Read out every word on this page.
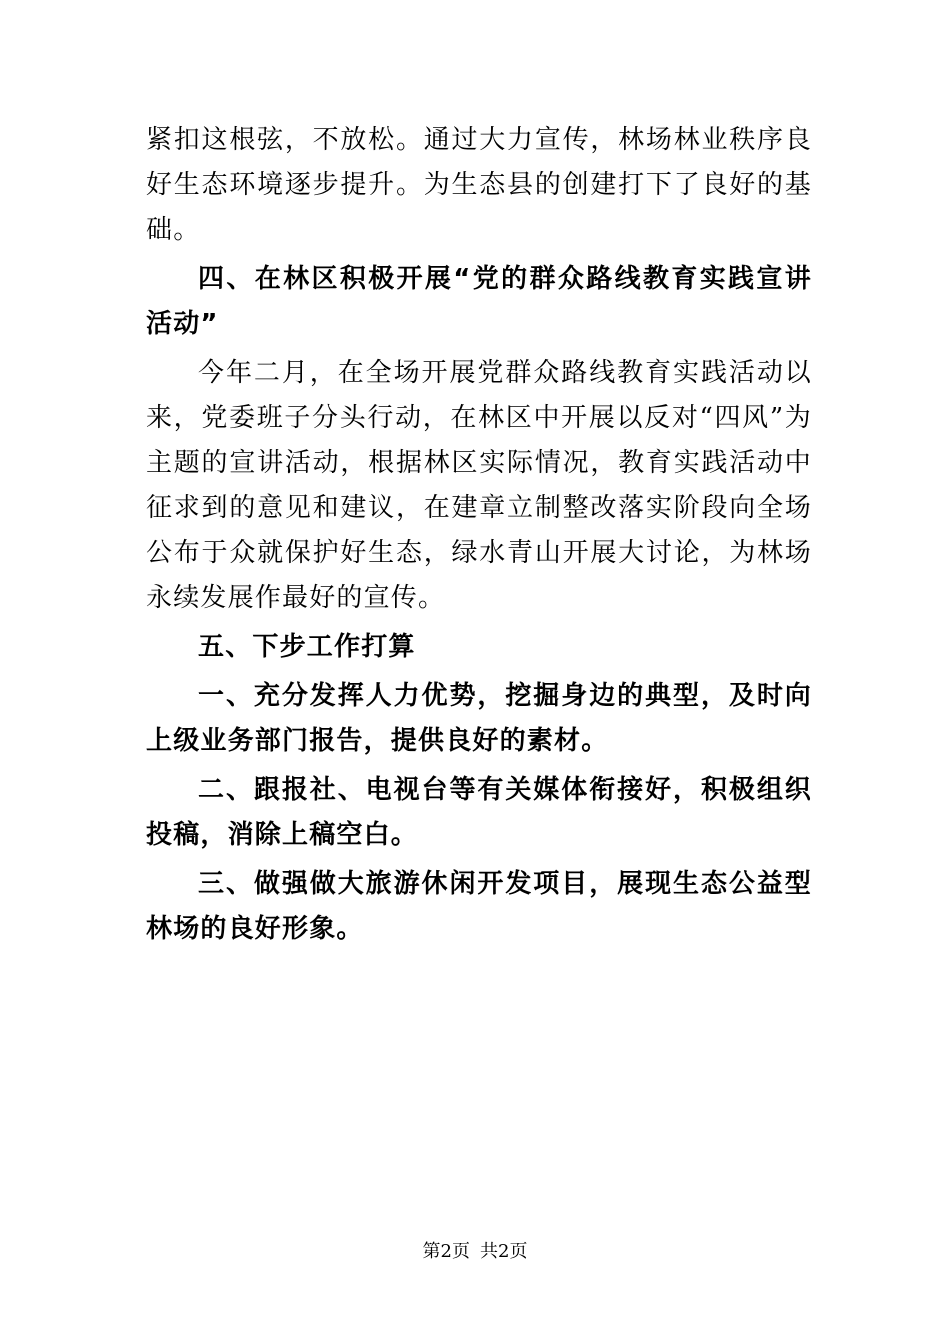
紧扣这根弦，不放松。通过大力宣传，林场林业秩序良好生态环境逐步提升。为生态县的创建打下了良好的基础。

四、在林区积极开展“党的群众路线教育实践宣讲活动”

今年二月，在全场开展党群众路线教育实践活动以来，党委班子分头行动，在林区中开展以反对“四风”为主题的宣讲活动，根据林区实际情况，教育实践活动中征求到的意见和建议，在建章立制整改落实阶段向全场公布于众就保护好生态，绿水青山开展大讨论，为林场永续发展作最好的宣传。

五、下步工作打算

一、充分发挥人力优势，挖掘身边的典型，及时向上级业务部门报告，提供良好的素材。

二、跟报社、电视台等有关媒体衔接好，积极组织投稿，消除上稿空白。

三、做强做大旅游休闲开发项目，展现生态公益型林场的良好形象。

第2页 共2页
